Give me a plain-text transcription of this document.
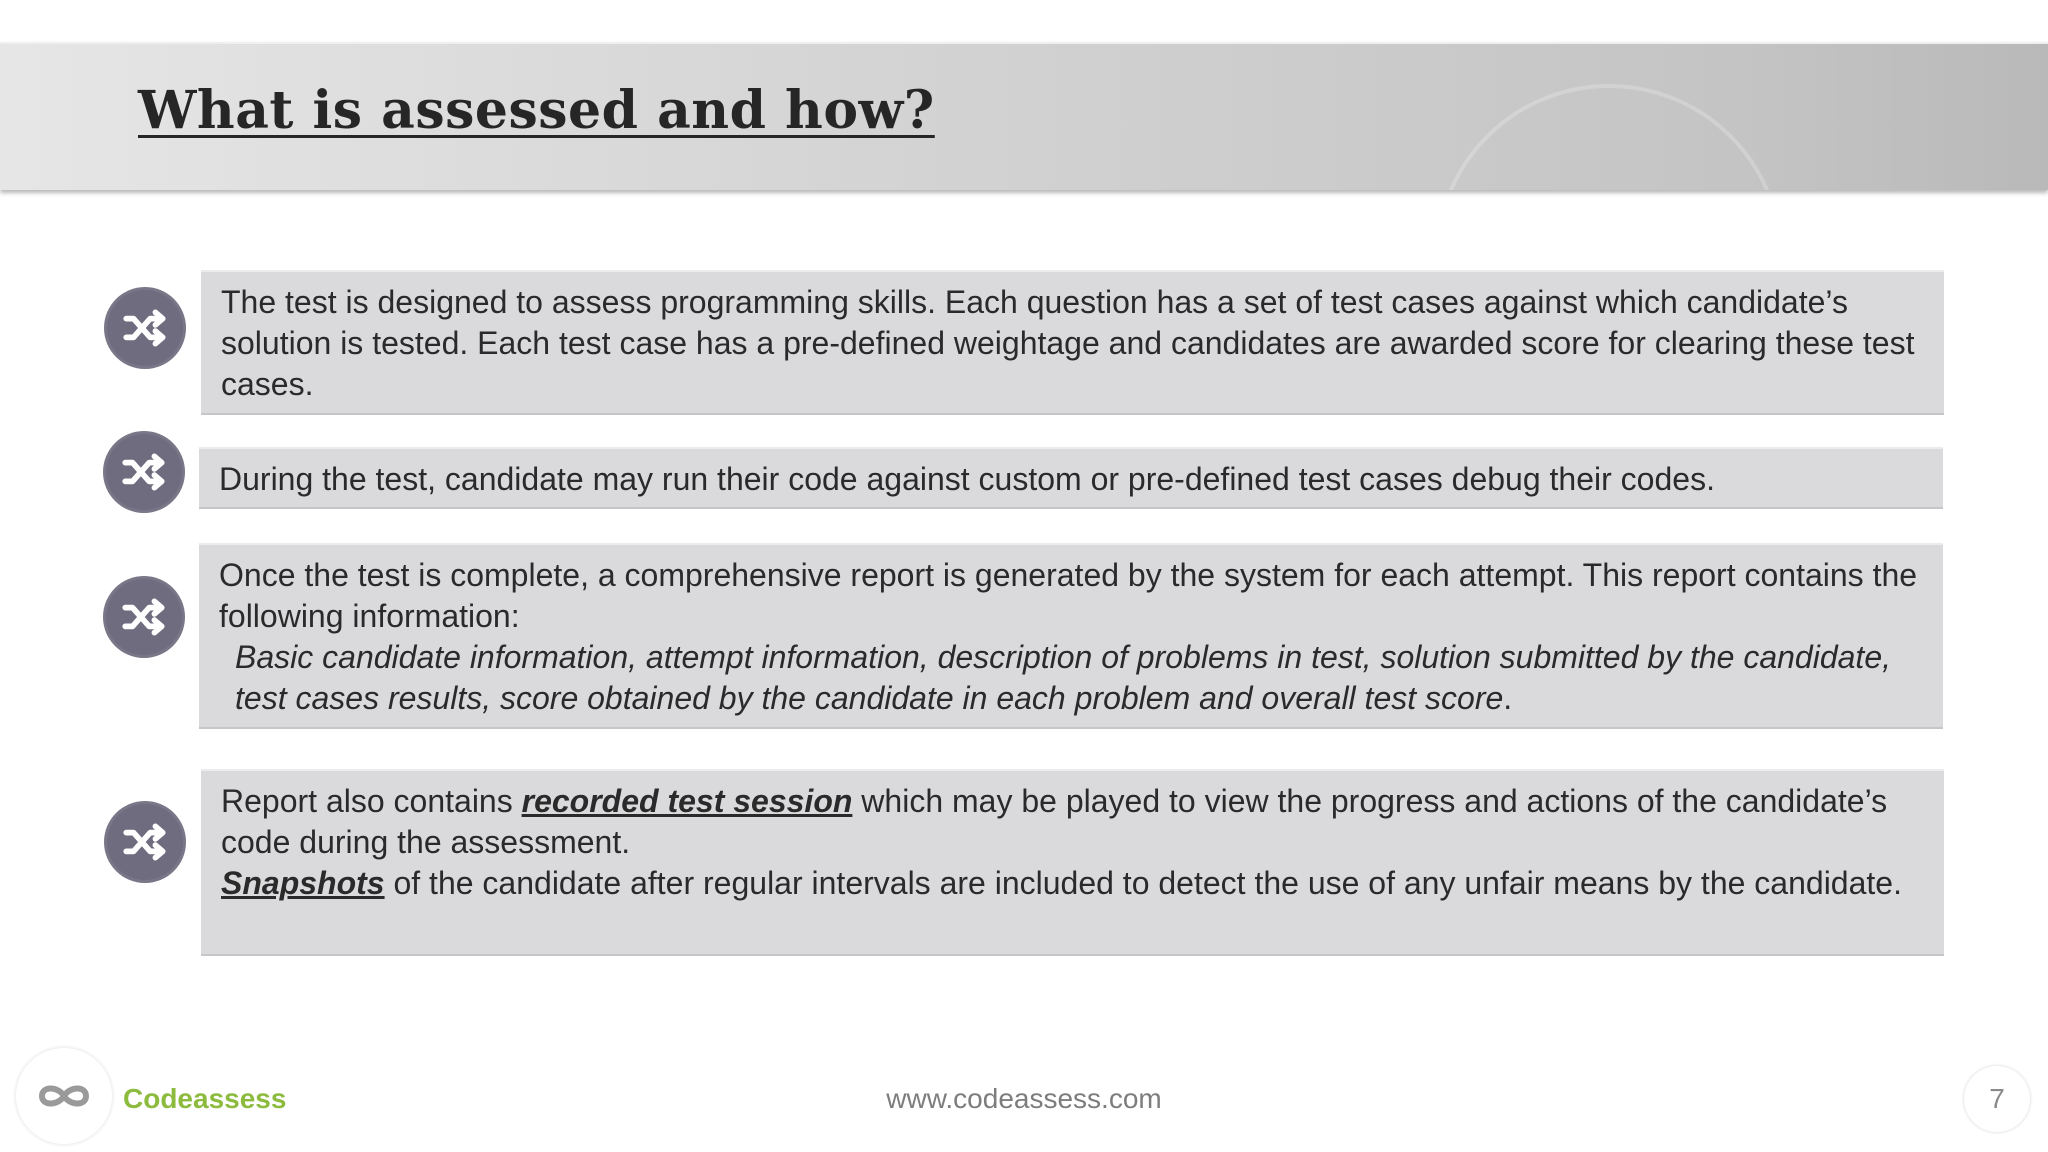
What is assessed and how?

The test is designed to assess programming skills. Each question has a set of test cases against which candidate’s solution is tested. Each test case has a pre-defined weightage and candidates are awarded score for clearing these test cases.

During the test, candidate may run their code against custom or pre-defined test cases debug their codes.

Once the test is complete, a comprehensive report is generated by the system for each attempt. This report contains the following information:

Basic candidate information, attempt information, description of problems in test, solution submitted by the candidate, test cases results, score obtained by the candidate in each problem and overall test score.

Report also contains recorded test session which may be played to view the progress and actions of the candidate’s code during the assessment.

Snapshots of the candidate after regular intervals are included to detect the use of any unfair means by the candidate.

Codeassess	www.codeassess.com	7
